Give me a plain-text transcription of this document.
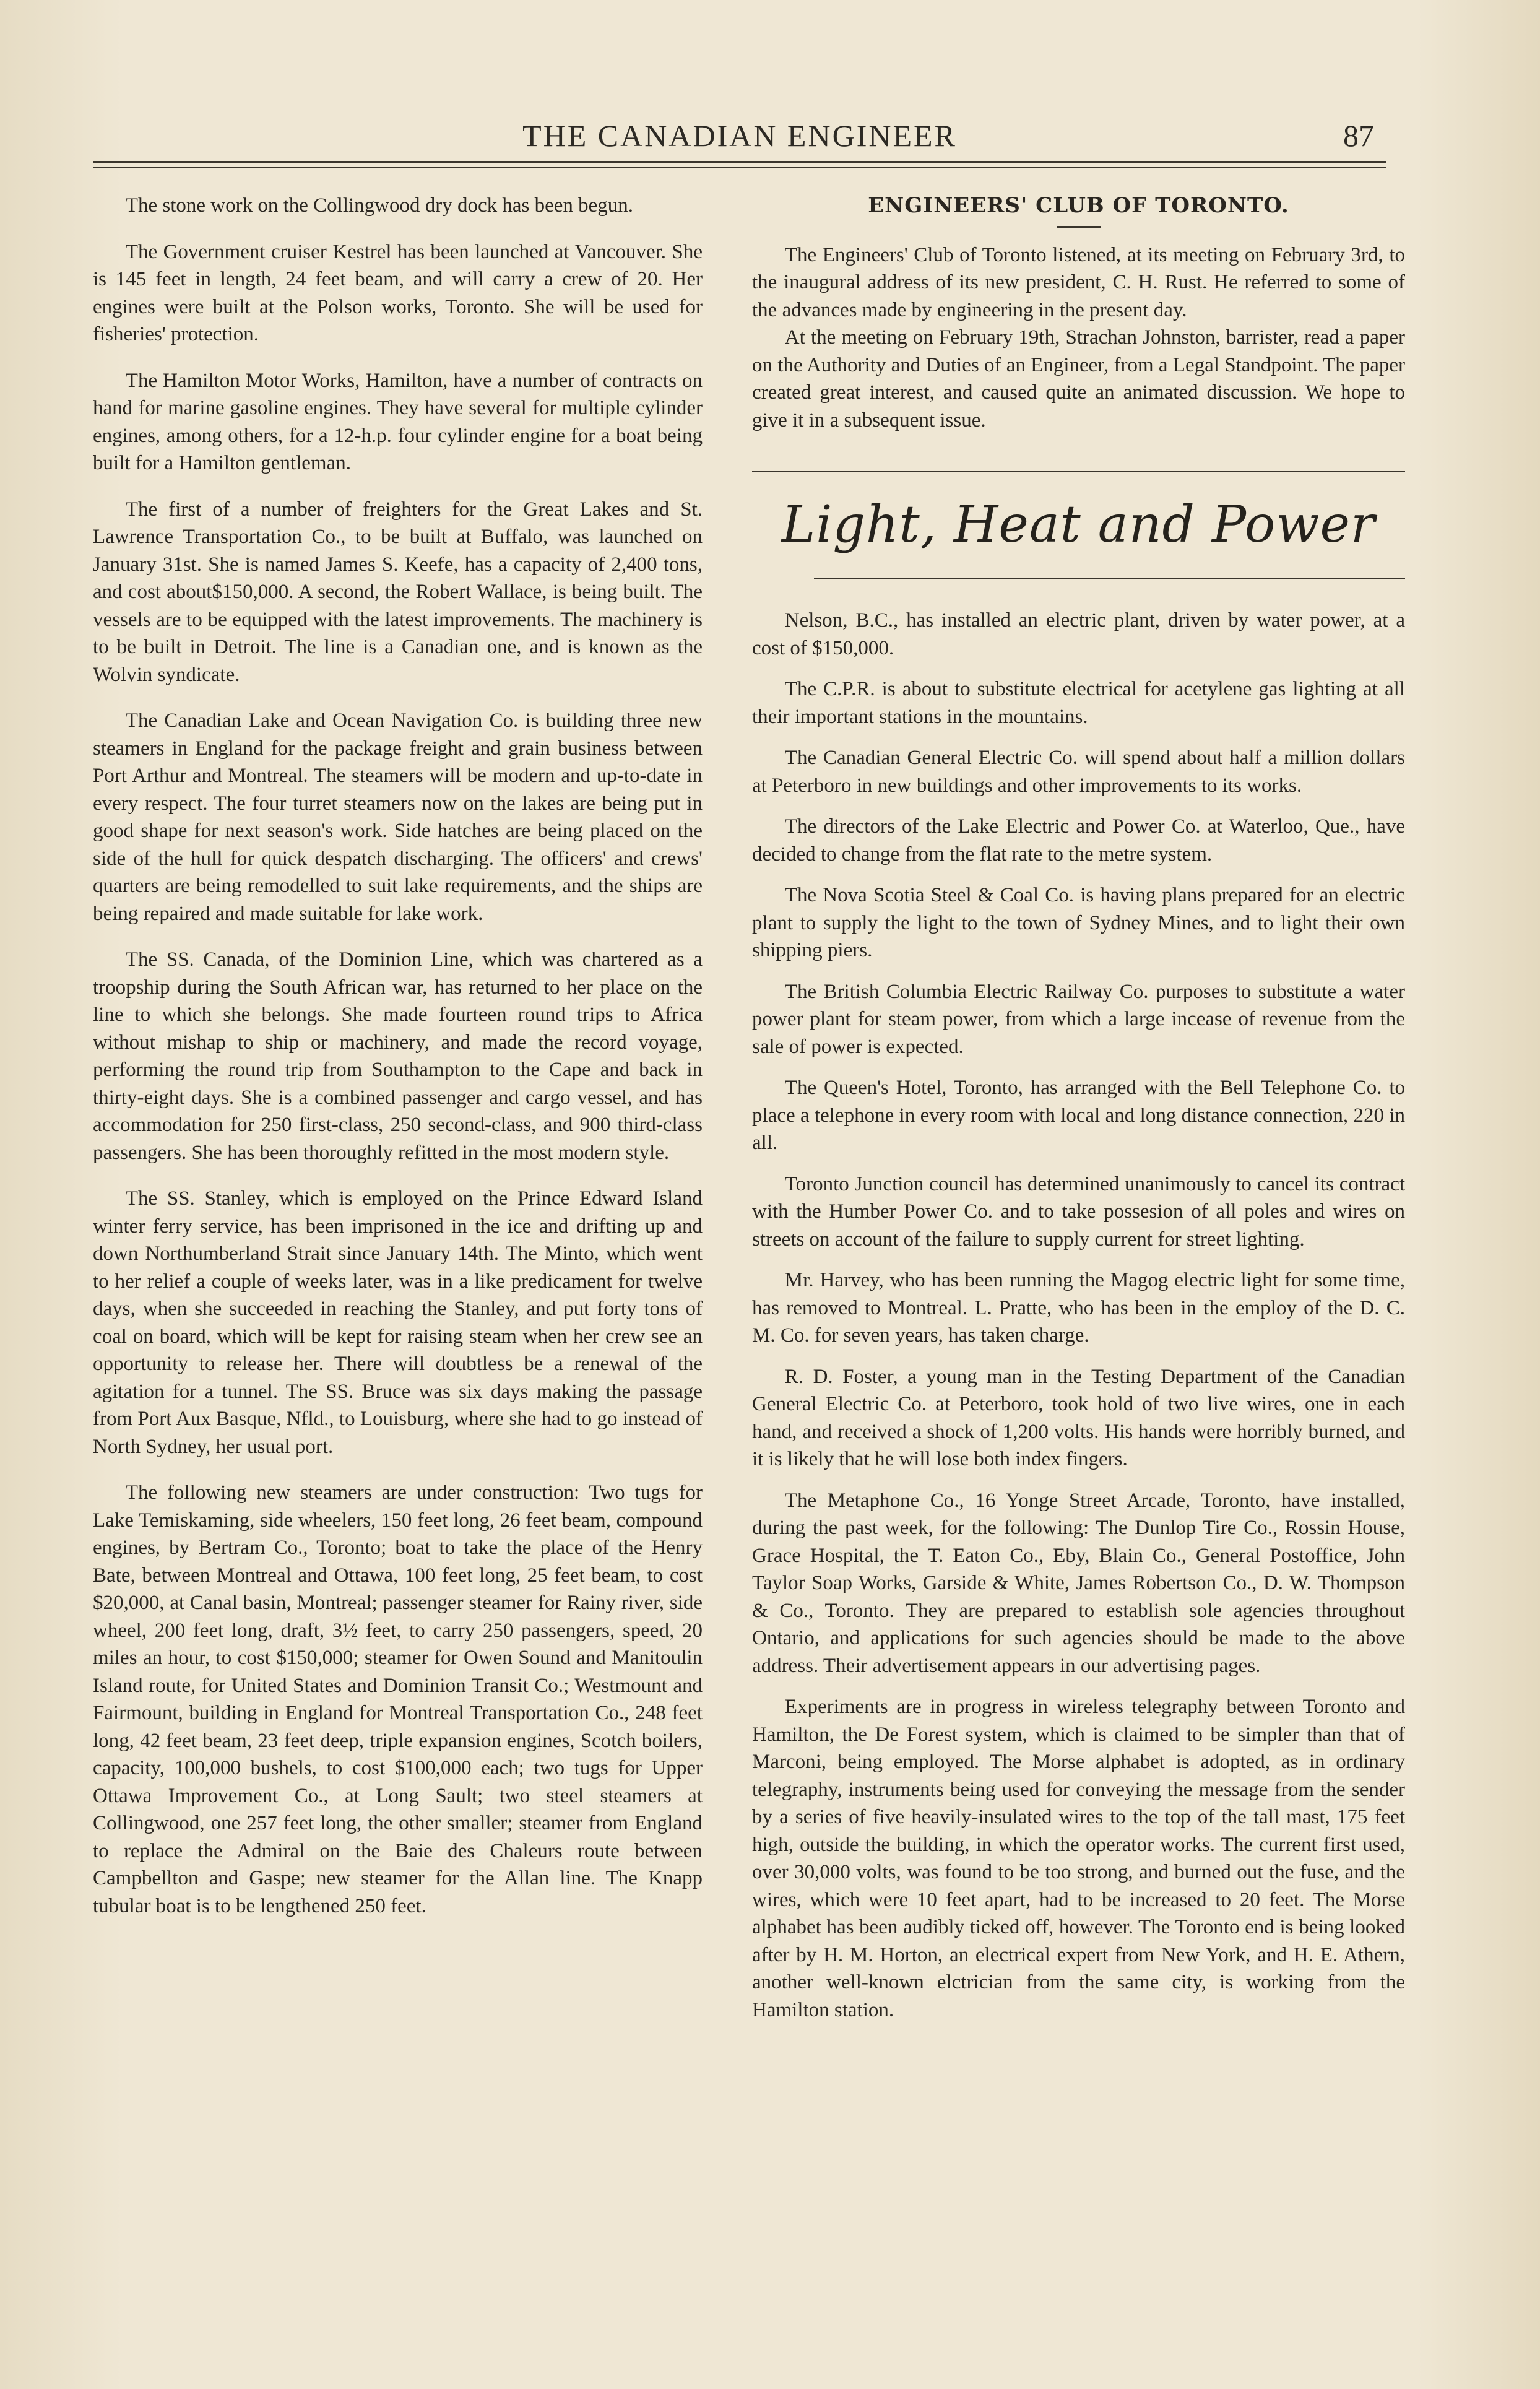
THE CANADIAN ENGINEER	87

The stone work on the Collingwood dry dock has been begun.

The Government cruiser Kestrel has been launched at Vancouver. She is 145 feet in length, 24 feet beam, and will carry a crew of 20. Her engines were built at the Polson works, Toronto. She will be used for fisheries' protection.

The Hamilton Motor Works, Hamilton, have a number of contracts on hand for marine gasoline engines. They have several for multiple cylinder engines, among others, for a 12-h.p. four cylinder engine for a boat being built for a Hamilton gentleman.

The first of a number of freighters for the Great Lakes and St. Lawrence Transportation Co., to be built at Buffalo, was launched on January 31st. She is named James S. Keefe, has a capacity of 2,400 tons, and cost about$150,000. A second, the Robert Wallace, is being built. The vessels are to be equipped with the latest improvements. The machinery is to be built in Detroit. The line is a Canadian one, and is known as the Wolvin syndicate.

The Canadian Lake and Ocean Navigation Co. is building three new steamers in England for the package freight and grain business between Port Arthur and Montreal. The steamers will be modern and up-to-date in every respect. The four turret steamers now on the lakes are being put in good shape for next season's work. Side hatches are being placed on the side of the hull for quick despatch discharging. The officers' and crews' quarters are being remodelled to suit lake requirements, and the ships are being repaired and made suitable for lake work.

The SS. Canada, of the Dominion Line, which was chartered as a troopship during the South African war, has returned to her place on the line to which she belongs. She made fourteen round trips to Africa without mishap to ship or machinery, and made the record voyage, performing the round trip from Southampton to the Cape and back in thirty-eight days. She is a combined passenger and cargo vessel, and has accommodation for 250 first-class, 250 second-class, and 900 third-class passengers. She has been thoroughly refitted in the most modern style.

The SS. Stanley, which is employed on the Prince Edward Island winter ferry service, has been imprisoned in the ice and drifting up and down Northumberland Strait since January 14th. The Minto, which went to her relief a couple of weeks later, was in a like predicament for twelve days, when she succeeded in reaching the Stanley, and put forty tons of coal on board, which will be kept for raising steam when her crew see an opportunity to release her. There will doubtless be a renewal of the agitation for a tunnel. The SS. Bruce was six days making the passage from Port Aux Basque, Nfld., to Louisburg, where she had to go instead of North Sydney, her usual port.

The following new steamers are under construction: Two tugs for Lake Temiskaming, side wheelers, 150 feet long, 26 feet beam, compound engines, by Bertram Co., Toronto; boat to take the place of the Henry Bate, between Montreal and Ottawa, 100 feet long, 25 feet beam, to cost $20,000, at Canal basin, Montreal; passenger steamer for Rainy river, side wheel, 200 feet long, draft, 3½ feet, to carry 250 passengers, speed, 20 miles an hour, to cost $150,000; steamer for Owen Sound and Manitoulin Island route, for United States and Dominion Transit Co.; Westmount and Fairmount, building in England for Montreal Transportation Co., 248 feet long, 42 feet beam, 23 feet deep, triple expansion engines, Scotch boilers, capacity, 100,000 bushels, to cost $100,000 each; two tugs for Upper Ottawa Improvement Co., at Long Sault; two steel steamers at Collingwood, one 257 feet long, the other smaller; steamer from England to replace the Admiral on the Baie des Chaleurs route between Campbellton and Gaspe; new steamer for the Allan line. The Knapp tubular boat is to be lengthened 250 feet.

ENGINEERS' CLUB OF TORONTO.

The Engineers' Club of Toronto listened, at its meeting on February 3rd, to the inaugural address of its new president, C. H. Rust. He referred to some of the advances made by engineering in the present day.

At the meeting on February 19th, Strachan Johnston, barrister, read a paper on the Authority and Duties of an Engineer, from a Legal Standpoint. The paper created great interest, and caused quite an animated discussion. We hope to give it in a subsequent issue.

Light, Heat and Power

Nelson, B.C., has installed an electric plant, driven by water power, at a cost of $150,000.

The C.P.R. is about to substitute electrical for acetylene gas lighting at all their important stations in the mountains.

The Canadian General Electric Co. will spend about half a million dollars at Peterboro in new buildings and other improvements to its works.

The directors of the Lake Electric and Power Co. at Waterloo, Que., have decided to change from the flat rate to the metre system.

The Nova Scotia Steel & Coal Co. is having plans prepared for an electric plant to supply the light to the town of Sydney Mines, and to light their own shipping piers.

The British Columbia Electric Railway Co. purposes to substitute a water power plant for steam power, from which a large incease of revenue from the sale of power is expected.

The Queen's Hotel, Toronto, has arranged with the Bell Telephone Co. to place a telephone in every room with local and long distance connection, 220 in all.

Toronto Junction council has determined unanimously to cancel its contract with the Humber Power Co. and to take possesion of all poles and wires on streets on account of the failure to supply current for street lighting.

Mr. Harvey, who has been running the Magog electric light for some time, has removed to Montreal. L. Pratte, who has been in the employ of the D. C. M. Co. for seven years, has taken charge.

R. D. Foster, a young man in the Testing Department of the Canadian General Electric Co. at Peterboro, took hold of two live wires, one in each hand, and received a shock of 1,200 volts. His hands were horribly burned, and it is likely that he will lose both index fingers.

The Metaphone Co., 16 Yonge Street Arcade, Toronto, have installed, during the past week, for the following: The Dunlop Tire Co., Rossin House, Grace Hospital, the T. Eaton Co., Eby, Blain Co., General Postoffice, John Taylor Soap Works, Garside & White, James Robertson Co., D. W. Thompson & Co., Toronto. They are prepared to establish sole agencies throughout Ontario, and applications for such agencies should be made to the above address. Their advertisement appears in our advertising pages.

Experiments are in progress in wireless telegraphy between Toronto and Hamilton, the De Forest system, which is claimed to be simpler than that of Marconi, being employed. The Morse alphabet is adopted, as in ordinary telegraphy, instruments being used for conveying the message from the sender by a series of five heavily-insulated wires to the top of the tall mast, 175 feet high, outside the building, in which the operator works. The current first used, over 30,000 volts, was found to be too strong, and burned out the fuse, and the wires, which were 10 feet apart, had to be increased to 20 feet. The Morse alphabet has been audibly ticked off, however. The Toronto end is being looked after by H. M. Horton, an electrical expert from New York, and H. E. Athern, another well-known elctrician from the same city, is working from the Hamilton station.
